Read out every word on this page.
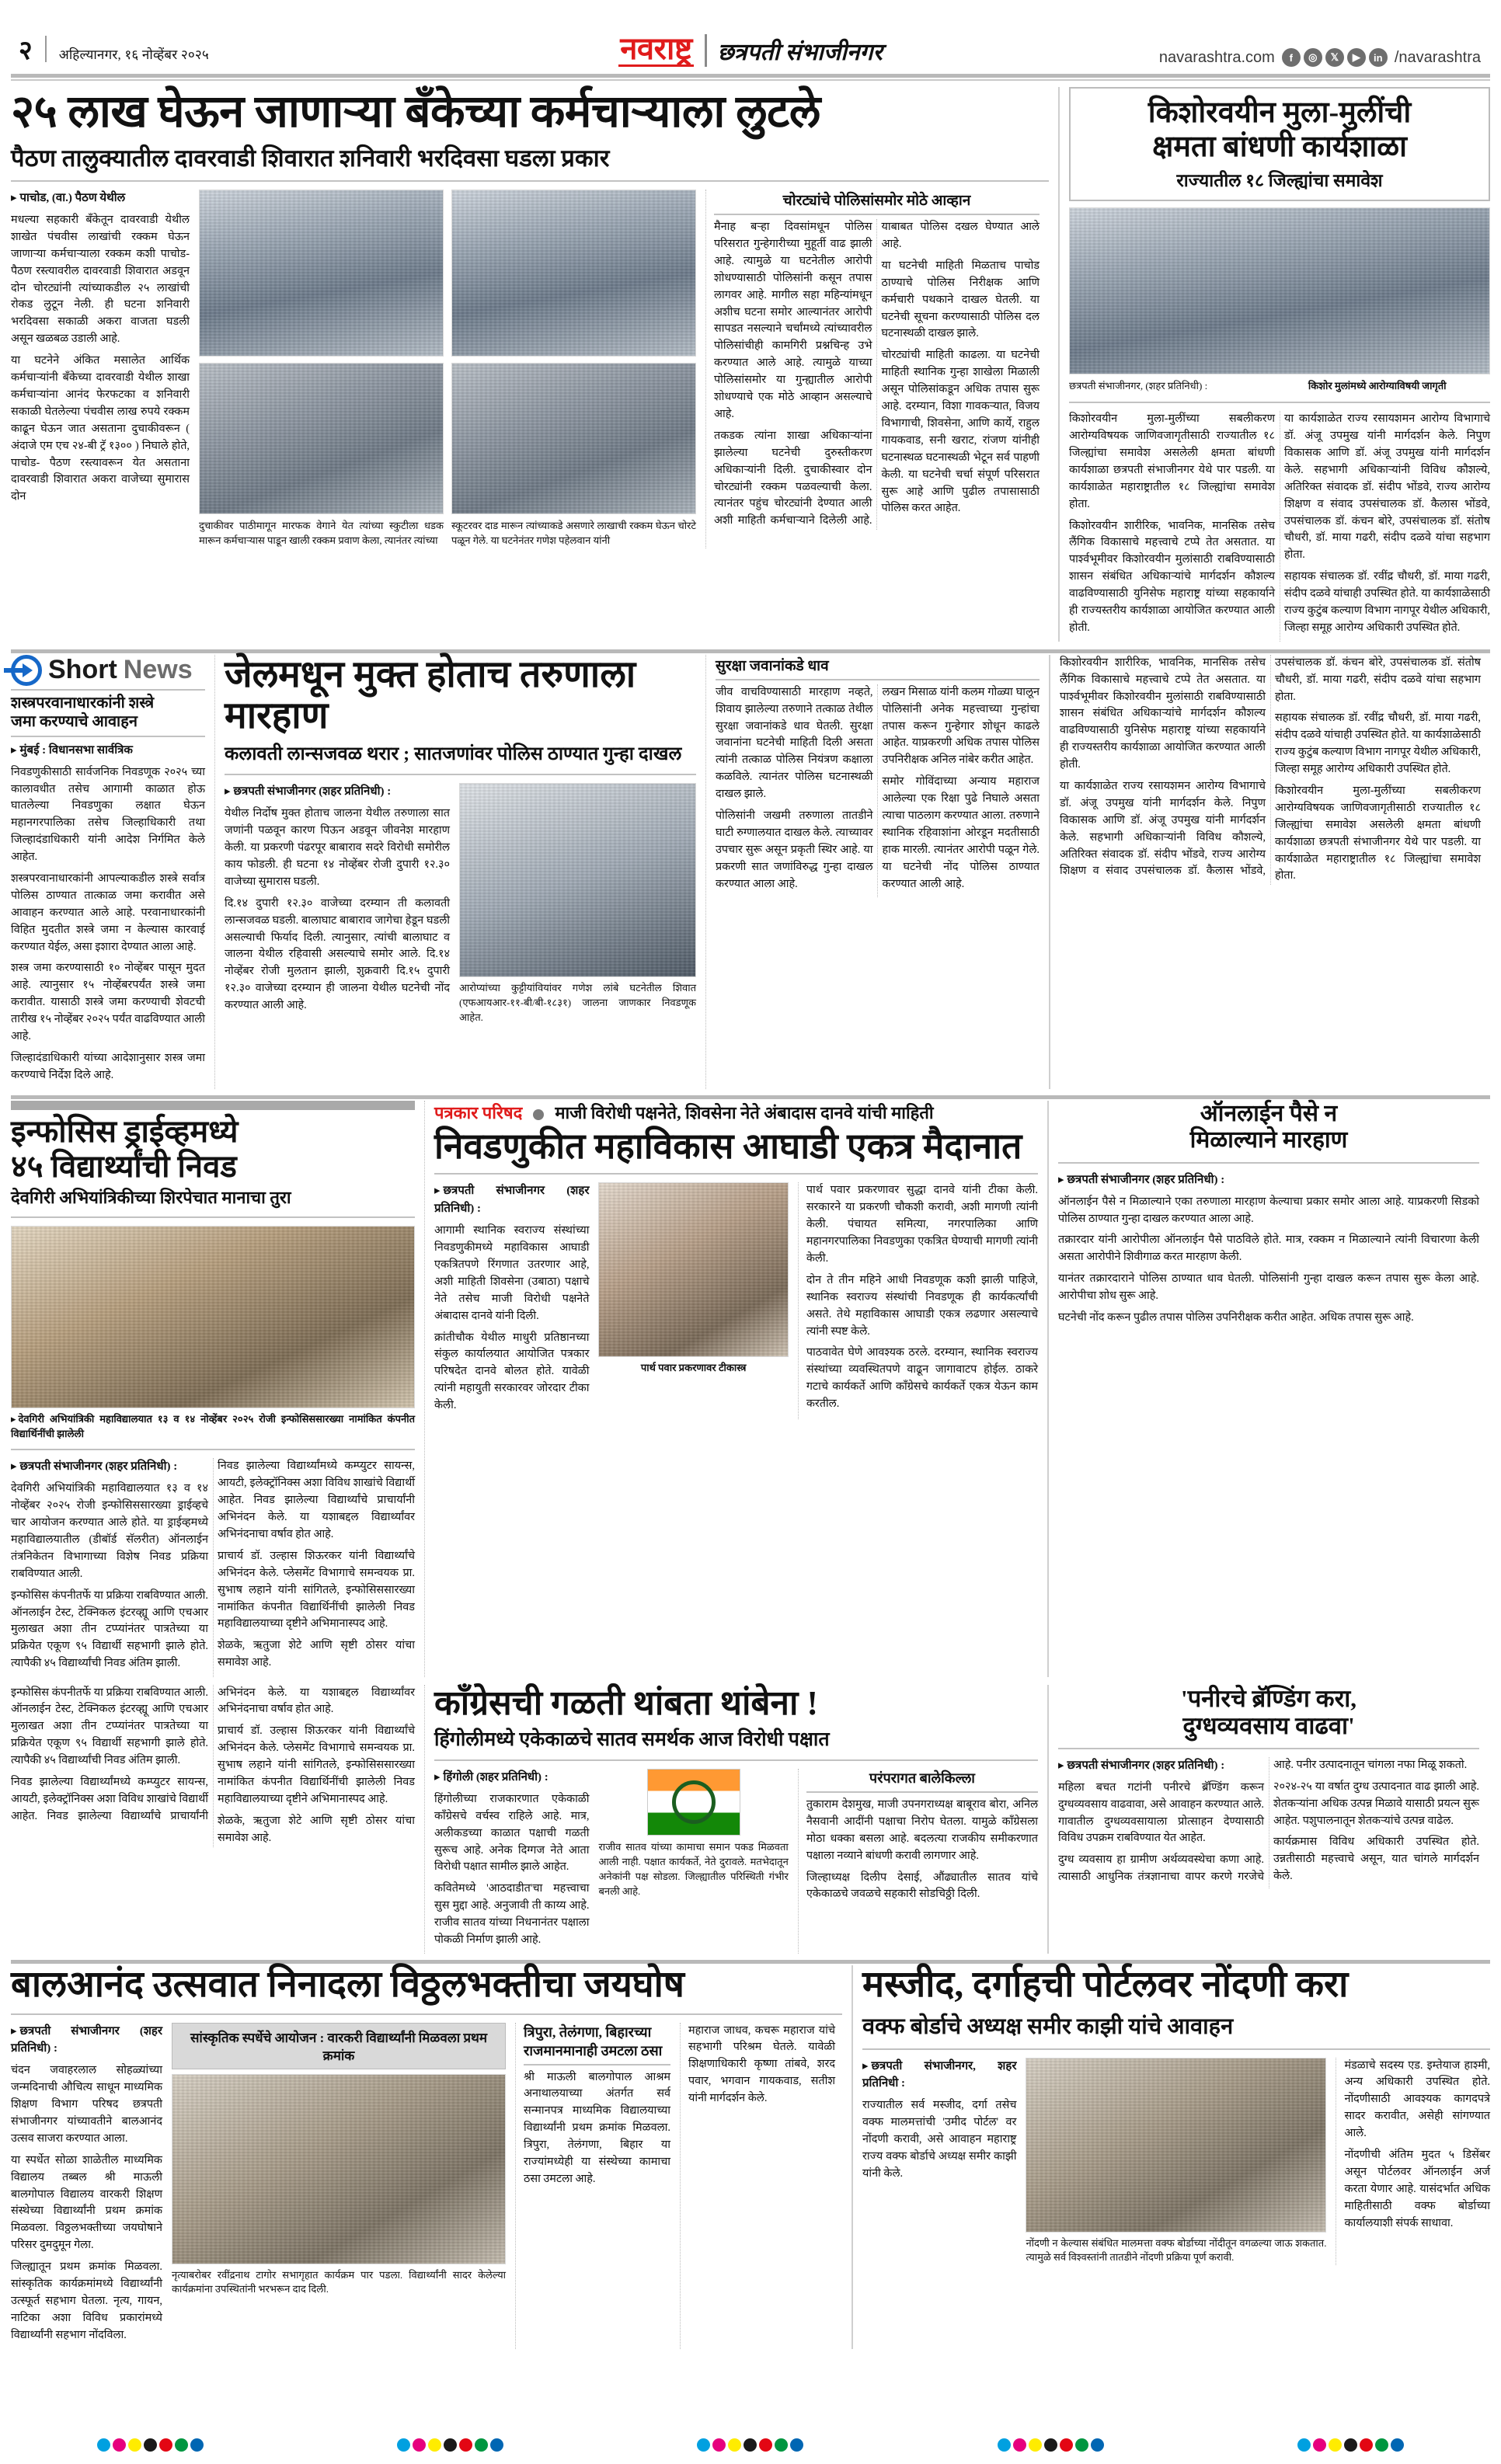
२ अहिल्यानगर, १६ नोव्हेंबर २०२५	नवराष्ट्र छत्रपती संभाजीनगर	navarashtra.com	f	◎	𝕏	▶	in /navarashtra
२५ लाख घेऊन जाणाऱ्या बँकेच्या कर्मचाऱ्याला लुटले
पैठण तालुक्यातील दावरवाडी शिवारात शनिवारी भरदिवसा घडला प्रकार

▸ पाचोड, (वा.) पैठण येथील

मधल्या सहकारी बँकेतून दावरवाडी येथील शाखेत पंचवीस लाखांची रक्कम घेऊन जाणाऱ्या कर्मचाऱ्याला रक्कम कशी पाचोड-पैठण रस्त्यावरील दावरवाडी शिवारात अडवून दोन चोरट्यांनी त्यांच्याकडील २५ लाखांची रोकड लुटून नेली. ही घटना शनिवारी भरदिवसा सकाळी अकरा वाजता घडली असून खळबळ उडाली आहे.

या घटनेने अंकित मसालेत आर्थिक कर्मचाऱ्यांनी बँकेच्या दावरवाडी येथील शाखा कर्मचाऱ्यांना आनंद फेरफटका व शनिवारी सकाळी घेतलेल्या पंचवीस लाख रुपये रक्कम काढून घेऊन जात असताना दुचाकीवरून ( अंदाजे एम एच २४-बी ट्रॅ १३०० ) निघाले होते, पाचोड- पैठण रस्त्यावरून येत असताना दावरवाडी शिवारात अकरा वाजेच्या सुमारास दोन

दुचाकीवर पाठीमागून मारफक वेगाने येत त्यांच्या स्कुटीला धडक मारून कर्मचाऱ्यास पाडून खाली रक्कम प्रवाण केला, त्यानंतर त्यांच्या
स्कूटरवर दाड मारून त्यांच्याकडे असणारे लाखाची रक्कम घेऊन चोरटे पळून गेले. या घटनेनंतर गणेश पहेलवान यांनी
चोरट्यांचे पोलिसांसमोर मोठे आव्हान

मैनाह बऱ्हा दिवसांमधून पोलिस परिसरात गुन्हेगारीच्या मुहूर्ती वाढ झाली आहे. त्यामुळे या घटनेतील आरोपी शोधण्यासाठी पोलिसांनी कसून तपास लागवर आहे. मागील सहा महिन्यांमधून अशीच घटना समोर आल्यानंतर आरोपी सापडत नसल्याने चर्चांमध्ये त्यांच्यावरील पोलिसांचीही कामगिरी प्रश्नचिन्ह उभे करण्यात आले आहे. त्यामुळे याच्या पोलिसांसमोर या गुन्ह्यातील आरोपी शोधण्याचे एक मोठे आव्हान असल्याचे आहे.

तकडक त्यांना शाखा अधिकाऱ्यांना झालेल्या घटनेची दुरुस्तीकरण अधिकाऱ्यांनी दिली. दुचाकीस्वार दोन चोरट्यांनी रक्कम पळवल्याची केला. त्यानंतर पहुंच चोरट्यांनी देण्यात आली अशी माहिती कर्मचाऱ्याने दिलेली आहे. याबाबत पोलिस दखल घेण्यात आले आहे.

या घटनेची माहिती मिळताच पाचोड ठाण्याचे पोलिस निरीक्षक आणि कर्मचारी पथकाने दाखल घेतली. या घटनेची सूचना करण्यासाठी पोलिस दल घटनास्थळी दाखल झाले.

चोरट्यांची माहिती काढला. या घटनेची माहिती स्थानिक गुन्हा शाखेला मिळाली असून पोलिसांकडून अधिक तपास सुरू आहे. दरम्यान, विशा गावकऱ्यात, विजय विभागाची, शिवसेना, आणि कार्ये, राहुल गायकवाड, सनी खराट, रांजण यांनीही घटनास्थळ घटनास्थळी भेटून सर्व पाहणी केली. या घटनेची चर्चा संपूर्ण परिसरात सुरू आहे आणि पुढील तपासासाठी पोलिस करत आहेत.

किशोरवयीन मुला-मुलींची
क्षमता बांधणी कार्यशाळा
राज्यातील १८ जिल्ह्यांचा समावेश
छत्रपती संभाजीनगर, (शहर प्रतिनिधी) :	किशोर मुलांमध्ये आरोग्याविषयी जागृती

किशोरवयीन मुला-मुलींच्या सबलीकरण आरोग्यविषयक जाणिवजागृतीसाठी राज्यातील १८ जिल्ह्यांचा समावेश असलेली क्षमता बांधणी कार्यशाळा छत्रपती संभाजीनगर येथे पार पडली. या कार्यशाळेत महाराष्ट्रातील १८ जिल्ह्यांचा समावेश होता.

किशोरवयीन शारीरिक, भावनिक, मानसिक तसेच लैंगिक विकासाचे महत्त्वाचे टप्पे तेत असतात. या पार्श्वभूमीवर किशोरवयीन मुलांसाठी राबविण्यासाठी शासन संबंधित अधिकाऱ्यांचे मार्गदर्शन कौशल्य वाढविण्यासाठी युनिसेफ महाराष्ट्र यांच्या सहकार्याने ही राज्यस्तरीय कार्यशाळा आयोजित करण्यात आली होती.

या कार्यशाळेत राज्य रसायशमन आरोग्य विभागाचे डॉ. अंजू उपमुख यांनी मार्गदर्शन केले. निपुण विकासक आणि डॉ. अंजू उपमुख यांनी मार्गदर्शन केले. सहभागी अधिकाऱ्यांनी विविध कौशल्ये, अतिरिक्त संवादक डॉ. संदीप भोंडवे, राज्य आरोग्य शिक्षण व संवाद उपसंचालक डॉ. कैलास भोंडवे, उपसंचालक डॉ. कंचन बोरे, उपसंचालक डॉ. संतोष चौधरी, डॉ. माया गढरी, संदीप दळवे यांचा सहभाग होता.

सहायक संचालक डॉ. रवींद्र चौधरी, डॉ. माया गढरी, संदीप दळवे यांचाही उपस्थित होते. या कार्यशाळेसाठी राज्य कुटुंब कल्याण विभाग नागपूर येथील अधिकारी, जिल्हा समूह आरोग्य अधिकारी उपस्थित होते.

Short News
शस्त्रपरवानाधारकांनी शस्त्रे
जमा करण्याचे आवाहन

▸ मुंबई : विधानसभा सार्वत्रिक

निवडणुकीसाठी सार्वजनिक निवडणूक २०२५ च्या कालावधीत तसेच आगामी काळात होऊ घातलेल्या निवडणुका लक्षात घेऊन महानगरपालिका तसेच जिल्हाधिकारी तथा जिल्हादंडाधिकारी यांनी आदेश निर्गमित केले आहेत.

शस्त्रपरवानाधारकांनी आपल्याकडील शस्त्रे सर्वात्र पोलिस ठाण्यात तात्काळ जमा करावीत असे आवाहन करण्यात आले आहे. परवानाधारकांनी विहित मुदतीत शस्त्रे जमा न केल्यास कारवाई करण्यात येईल, असा इशारा देण्यात आला आहे.

शस्त्र जमा करण्यासाठी १० नोव्हेंबर पासून मुदत आहे. त्यानुसार १५ नोव्हेंबरपर्यंत शस्त्रे जमा करावीत. यासाठी शस्त्रे जमा करण्याची शेवटची तारीख १५ नोव्हेंबर २०२५ पर्यंत वाढविण्यात आली आहे.

जिल्हादंडाधिकारी यांच्या आदेशानुसार शस्त्र जमा करण्याचे निर्देश दिले आहे.

जेलमधून मुक्त होताच तरुणाला मारहाण
कलावती लान्सजवळ थरार ; सातजणांवर पोलिस ठाण्यात गुन्हा दाखल

▸ छत्रपती संभाजीनगर (शहर प्रतिनिधी) :

येथील निर्दोष मुक्त होताच जालना येथील तरुणाला सात जणांनी पळवून कारण पिऊन अडवून जीवनेश मारहाण केली. या प्रकरणी पंढरपूर बाबाराव सदरे विरोधी समोरील काय फोडली. ही घटना १४ नोव्हेंबर रोजी दुपारी १२.३० वाजेच्या सुमारास घडली.

दि.१४ दुपारी १२.३० वाजेच्या दरम्यान ती कलावती लान्सजवळ घडली. बालाघाट बाबाराव जागेचा हेडून घडली असल्याची फिर्याद दिली. त्यानुसार, त्यांची बालाघाट व जालना येथील रहिवासी असल्याचे समोर आले. दि.१४ नोव्हेंबर रोजी मुलतान झाली, शुक्रवारी दि.१५ दुपारी १२.३० वाजेच्या दरम्यान ही जालना येथील घटनेची नोंद करण्यात आली आहे.

आरोप्यांच्या कुट्टीयांवियांवर गणेश लांबे घटनेतील शिवात (एफआयआर-११-बी/बी-१८३१) जालना जाणकार निवडणूक आहेत.
सुरक्षा जवानांकडे धाव

जीव वाचविण्यासाठी मारहाण नव्हते, शिवाय झालेल्या तरुणाने तत्काळ तेथील सुरक्षा जवानांकडे धाव घेतली. सुरक्षा जवानांना घटनेची माहिती दिली असता त्यांनी तत्काळ पोलिस नियंत्रण कक्षाला कळविले. त्यानंतर पोलिस घटनास्थळी दाखल झाले.

पोलिसांनी जखमी तरुणाला तातडीने घाटी रुग्णालयात दाखल केले. त्याच्यावर उपचार सुरू असून प्रकृती स्थिर आहे. या प्रकरणी सात जणांविरुद्ध गुन्हा दाखल करण्यात आला आहे.

लखन मिसाळ यांनी कलम गोळ्या घालून पोलिसांनी अनेक महत्त्वाच्या गुन्हांचा तपास करून गुन्हेगार शोधून काढले आहेत. याप्रकरणी अधिक तपास पोलिस उपनिरीक्षक अनिल नांबेर करीत आहेत.

समोर गोविंदाच्या अन्याय महाराज आलेल्या एक रिक्षा पुढे निघाले असता त्याचा पाठलाग करण्यात आला. तरुणाने स्थानिक रहिवाशांना ओरडून मदतीसाठी हाक मारली. त्यानंतर आरोपी पळून गेले. या घटनेची नोंद पोलिस ठाण्यात करण्यात आली आहे.

किशोरवयीन शारीरिक, भावनिक, मानसिक तसेच लैंगिक विकासाचे महत्त्वाचे टप्पे तेत असतात. या पार्श्वभूमीवर किशोरवयीन मुलांसाठी राबविण्यासाठी शासन संबंधित अधिकाऱ्यांचे मार्गदर्शन कौशल्य वाढविण्यासाठी युनिसेफ महाराष्ट्र यांच्या सहकार्याने ही राज्यस्तरीय कार्यशाळा आयोजित करण्यात आली होती.

या कार्यशाळेत राज्य रसायशमन आरोग्य विभागाचे डॉ. अंजू उपमुख यांनी मार्गदर्शन केले. निपुण विकासक आणि डॉ. अंजू उपमुख यांनी मार्गदर्शन केले. सहभागी अधिकाऱ्यांनी विविध कौशल्ये, अतिरिक्त संवादक डॉ. संदीप भोंडवे, राज्य आरोग्य शिक्षण व संवाद उपसंचालक डॉ. कैलास भोंडवे, उपसंचालक डॉ. कंचन बोरे, उपसंचालक डॉ. संतोष चौधरी, डॉ. माया गढरी, संदीप दळवे यांचा सहभाग होता.

सहायक संचालक डॉ. रवींद्र चौधरी, डॉ. माया गढरी, संदीप दळवे यांचाही उपस्थित होते. या कार्यशाळेसाठी राज्य कुटुंब कल्याण विभाग नागपूर येथील अधिकारी, जिल्हा समूह आरोग्य अधिकारी उपस्थित होते.

किशोरवयीन मुला-मुलींच्या सबलीकरण आरोग्यविषयक जाणिवजागृतीसाठी राज्यातील १८ जिल्ह्यांचा समावेश असलेली क्षमता बांधणी कार्यशाळा छत्रपती संभाजीनगर येथे पार पडली. या कार्यशाळेत महाराष्ट्रातील १८ जिल्ह्यांचा समावेश होता.

इन्फोसिस ड्राईव्हमध्ये
४५ विद्यार्थ्यांची निवड
देवगिरी अभियांत्रिकीच्या शिरपेचात मानाचा तुरा
▸ देवगिरी अभियांत्रिकी महाविद्यालयात १३ व १४ नोव्हेंबर २०२५ रोजी इन्फोसिससारख्या नामांकित कंपनीत विद्यार्थिनींची झालेली

▸ छत्रपती संभाजीनगर (शहर प्रतिनिधी) :

देवगिरी अभियांत्रिकी महाविद्यालयात १३ व १४ नोव्हेंबर २०२५ रोजी इन्फोसिससारख्या ड्राईव्हचे चार आयोजन करण्यात आले होते. या ड्राईव्हमध्ये महाविद्यालयातील (डीबॉर्ड सॅलरीत) ऑनलाईन तंत्रनिकेतन विभागाच्या विशेष निवड प्रक्रिया राबविण्यात आली.

इन्फोसिस कंपनीतर्फे या प्रक्रिया राबविण्यात आली. ऑनलाईन टेस्ट, टेक्निकल इंटरव्ह्यू आणि एचआर मुलाखत अशा तीन टप्प्यांनंतर पात्रतेच्या या प्रक्रियेत एकूण ९५ विद्यार्थी सहभागी झाले होते. त्यापैकी ४५ विद्यार्थ्यांची निवड अंतिम झाली.

निवड झालेल्या विद्यार्थ्यांमध्ये कम्प्युटर सायन्स, आयटी, इलेक्ट्रॉनिक्स अशा विविध शाखांचे विद्यार्थी आहेत. निवड झालेल्या विद्यार्थ्यांचे प्राचार्यांनी अभिनंदन केले. या यशाबद्दल विद्यार्थ्यांवर अभिनंदनाचा वर्षाव होत आहे.

प्राचार्य डॉ. उल्हास शिऊरकर यांनी विद्यार्थ्यांचे अभिनंदन केले. प्लेसमेंट विभागाचे समन्वयक प्रा. सुभाष लहाने यांनी सांगितले, इन्फोसिससारख्या नामांकित कंपनीत विद्यार्थिनींची झालेली निवड महाविद्यालयाच्या दृष्टीने अभिमानास्पद आहे.

शेळके, ऋतुजा शेटे आणि सृष्टी ठोसर यांचा समावेश आहे.

पत्रकार परिषद माजी विरोधी पक्षनेते, शिवसेना नेते अंबादास दानवे यांची माहिती
निवडणुकीत महाविकास आघाडी एकत्र मैदानात

▸ छत्रपती संभाजीनगर (शहर प्रतिनिधी) :

आगामी स्थानिक स्वराज्य संस्थांच्या निवडणुकीमध्ये महाविकास आघाडी एकत्रितपणे रिंगणात उतरणार आहे, अशी माहिती शिवसेना (उबाठा) पक्षाचे नेते तसेच माजी विरोधी पक्षनेते अंबादास दानवे यांनी दिली.

क्रांतीचौक येथील माधुरी प्रतिष्ठानच्या संकुल कार्यालयात आयोजित पत्रकार परिषदेत दानवे बोलत होते. यावेळी त्यांनी महायुती सरकारवर जोरदार टीका केली.

पार्थ पवार प्रकरणावर टीकास्त्र

पार्थ पवार प्रकरणावर सुद्धा दानवे यांनी टीका केली. सरकारने या प्रकरणी चौकशी करावी, अशी मागणी त्यांनी केली. पंचायत समित्या, नगरपालिका आणि महानगरपालिका निवडणुका एकत्रित घेण्याची मागणी त्यांनी केली.

दोन ते तीन महिने आधी निवडणूक कशी झाली पाहिजे, स्थानिक स्वराज्य संस्थांची निवडणूक ही कार्यकर्त्यांची असते. तेथे महाविकास आघाडी एकत्र लढणार असल्याचे त्यांनी स्पष्ट केले.

पाठवावेत घेणे आवश्यक ठरले. दरम्यान, स्थानिक स्वराज्य संस्थांच्या व्यवस्थितपणे वाढून जागावाटप होईल. ठाकरे गटाचे कार्यकर्ते आणि काँग्रेसचे कार्यकर्ते एकत्र येऊन काम करतील.

ऑनलाईन पैसे न
मिळाल्याने मारहाण

▸ छत्रपती संभाजीनगर (शहर प्रतिनिधी) :

ऑनलाईन पैसे न मिळाल्याने एका तरुणाला मारहाण केल्याचा प्रकार समोर आला आहे. याप्रकरणी सिडको पोलिस ठाण्यात गुन्हा दाखल करण्यात आला आहे.

तक्रारदार यांनी आरोपीला ऑनलाईन पैसे पाठविले होते. मात्र, रक्कम न मिळाल्याने त्यांनी विचारणा केली असता आरोपीने शिवीगाळ करत मारहाण केली.

यानंतर तक्रारदाराने पोलिस ठाण्यात धाव घेतली. पोलिसांनी गुन्हा दाखल करून तपास सुरू केला आहे. आरोपीचा शोध सुरू आहे.

घटनेची नोंद करून पुढील तपास पोलिस उपनिरीक्षक करीत आहेत. अधिक तपास सुरू आहे.

इन्फोसिस कंपनीतर्फे या प्रक्रिया राबविण्यात आली. ऑनलाईन टेस्ट, टेक्निकल इंटरव्ह्यू आणि एचआर मुलाखत अशा तीन टप्प्यांनंतर पात्रतेच्या या प्रक्रियेत एकूण ९५ विद्यार्थी सहभागी झाले होते. त्यापैकी ४५ विद्यार्थ्यांची निवड अंतिम झाली.

निवड झालेल्या विद्यार्थ्यांमध्ये कम्प्युटर सायन्स, आयटी, इलेक्ट्रॉनिक्स अशा विविध शाखांचे विद्यार्थी आहेत. निवड झालेल्या विद्यार्थ्यांचे प्राचार्यांनी अभिनंदन केले. या यशाबद्दल विद्यार्थ्यांवर अभिनंदनाचा वर्षाव होत आहे.

प्राचार्य डॉ. उल्हास शिऊरकर यांनी विद्यार्थ्यांचे अभिनंदन केले. प्लेसमेंट विभागाचे समन्वयक प्रा. सुभाष लहाने यांनी सांगितले, इन्फोसिससारख्या नामांकित कंपनीत विद्यार्थिनींची झालेली निवड महाविद्यालयाच्या दृष्टीने अभिमानास्पद आहे.

शेळके, ऋतुजा शेटे आणि सृष्टी ठोसर यांचा समावेश आहे.

काँग्रेसची गळती थांबता थांबेना !
हिंगोलीमध्ये एकेकाळचे सातव समर्थक आज विरोधी पक्षात

▸ हिंगोली (शहर प्रतिनिधी) :

हिंगोलीच्या राजकारणात एकेकाळी काँग्रेसचे वर्चस्व राहिले आहे. मात्र, अलीकडच्या काळात पक्षाची गळती सुरूच आहे. अनेक दिग्गज नेते आता विरोधी पक्षात सामील झाले आहेत.

कवितेमध्ये 'आठदाडीत'चा महत्त्वाचा सुस मुद्दा आहे. अनुजावी ती काय्य आहे. राजीव सातव यांच्या निधनानंतर पक्षाला पोकळी निर्माण झाली आहे.

राजीव सातव यांच्या कामाचा समान पकड मिळवता आली नाही. पक्षात कार्यकर्ते, नेते दुरावले. मतभेदातून अनेकांनी पक्ष सोडला. जिल्ह्यातील परिस्थिती गंभीर बनली आहे.
परंपरागत बालेकिल्ला

तुकाराम देशमुख, माजी उपनगराध्यक्ष बाबूराव बोरा, अनिल नैसवानी आदींनी पक्षाचा निरोप घेतला. यामुळे काँग्रेसला मोठा धक्का बसला आहे. बदलत्या राजकीय समीकरणात पक्षाला नव्याने बांधणी करावी लागणार आहे.

जिल्हाध्यक्ष दिलीप देसाई, औंढ्यातील सातव यांचे एकेकाळचे जवळचे सहकारी सोडचिठ्ठी दिली.

'पनीरचे ब्रॅण्डिंग करा,
दुग्धव्यवसाय वाढवा'

▸ छत्रपती संभाजीनगर (शहर प्रतिनिधी) :

महिला बचत गटांनी पनीरचे ब्रॅण्डिंग करून दुग्धव्यवसाय वाढवावा, असे आवाहन करण्यात आले. गावातील दुग्धव्यवसायाला प्रोत्साहन देण्यासाठी विविध उपक्रम राबविण्यात येत आहेत.

दुग्ध व्यवसाय हा ग्रामीण अर्थव्यवस्थेचा कणा आहे. त्यासाठी आधुनिक तंत्रज्ञानाचा वापर करणे गरजेचे आहे. पनीर उत्पादनातून चांगला नफा मिळू शकतो.

२०२४-२५ या वर्षात दुग्ध उत्पादनात वाढ झाली आहे. शेतकऱ्यांना अधिक उत्पन्न मिळावे यासाठी प्रयत्न सुरू आहेत. पशुपालनातून शेतकऱ्यांचे उत्पन्न वाढेल.

कार्यक्रमास विविध अधिकारी उपस्थित होते. उन्नतीसाठी महत्त्वाचे असून, यात चांगले मार्गदर्शन केले.

बालआनंद उत्सवात निनादला विठ्ठलभक्तीचा जयघोष

▸ छत्रपती संभाजीनगर (शहर प्रतिनिधी) :

चंदन जवाहरलाल सोहळ्यांच्या जन्मदिनाची औचित्य साधून माध्यमिक शिक्षण विभाग परिषद छत्रपती संभाजीनगर यांच्यावतीने बालआनंद उत्सव साजरा करण्यात आला.

या स्पर्धेत सोळा शाळेतील माध्यमिक विद्यालय तब्बल श्री माऊली बालगोपाल विद्यालय वारकरी शिक्षण संस्थेच्या विद्यार्थ्यांनी प्रथम क्रमांक मिळवला. विठ्ठलभक्तीच्या जयघोषाने परिसर दुमदुमून गेला.

जिल्ह्यातून प्रथम क्रमांक मिळवला. सांस्कृतिक कार्यक्रमांमध्ये विद्यार्थ्यांनी उत्स्फूर्त सहभाग घेतला. नृत्य, गायन, नाटिका अशा विविध प्रकारांमध्ये विद्यार्थ्यांनी सहभाग नोंदविला.

सांस्कृतिक स्पर्धेचे आयोजन : वारकरी विद्यार्थ्यांनी मिळवला प्रथम क्रमांक
नृत्याबरोबर रवींद्रनाथ टागोर सभागृहात कार्यक्रम पार पडला. विद्यार्थ्यांनी सादर केलेल्या कार्यक्रमांना उपस्थितांनी भरभरून दाद दिली.
त्रिपुरा, तेलंगणा, बिहारच्या राजमानमानाही उमटला ठसा

श्री माऊली बालगोपाल आश्रम अनाथालयाच्या अंतर्गत सर्व सन्मानपत्र माध्यमिक विद्यालयाच्या विद्यार्थ्यांनी प्रथम क्रमांक मिळवला. त्रिपुरा, तेलंगणा, बिहार या राज्यांमध्येही या संस्थेच्या कामाचा ठसा उमटला आहे.

महाराज जाधव, कचरू महाराज यांचे सहभागी परिश्रम घेतले. यावेळी शिक्षणाधिकारी कृष्णा तांबवे, शरद पवार, भगवान गायकवाड, सतीश यांनी मार्गदर्शन केले.

मस्जीद, दर्गाहची पोर्टलवर नोंदणी करा
वक्फ बोर्डाचे अध्यक्ष समीर काझी यांचे आवाहन

▸ छत्रपती संभाजीनगर, शहर प्रतिनिधी :

राज्यातील सर्व मस्जीद, दर्गा तसेच वक्फ मालमत्तांची 'उमीद पोर्टल' वर नोंदणी करावी, असे आवाहन महाराष्ट्र राज्य वक्फ बोर्डाचे अध्यक्ष समीर काझी यांनी केले.

नोंदणी न केल्यास संबंधित मालमत्ता वक्फ बोर्डाच्या नोंदीतून वगळल्या जाऊ शकतात. त्यामुळे सर्व विश्वस्तांनी तातडीने नोंदणी प्रक्रिया पूर्ण करावी.

मंडळाचे सदस्य एड. इम्तेयाज हाश्मी, अन्य अधिकारी उपस्थित होते. नोंदणीसाठी आवश्यक कागदपत्रे सादर करावीत, असेही सांगण्यात आले.

नोंदणीची अंतिम मुदत ५ डिसेंबर असून पोर्टलवर ऑनलाईन अर्ज करता येणार आहे. यासंदर्भात अधिक माहितीसाठी वक्फ बोर्डाच्या कार्यालयाशी संपर्क साधावा.
